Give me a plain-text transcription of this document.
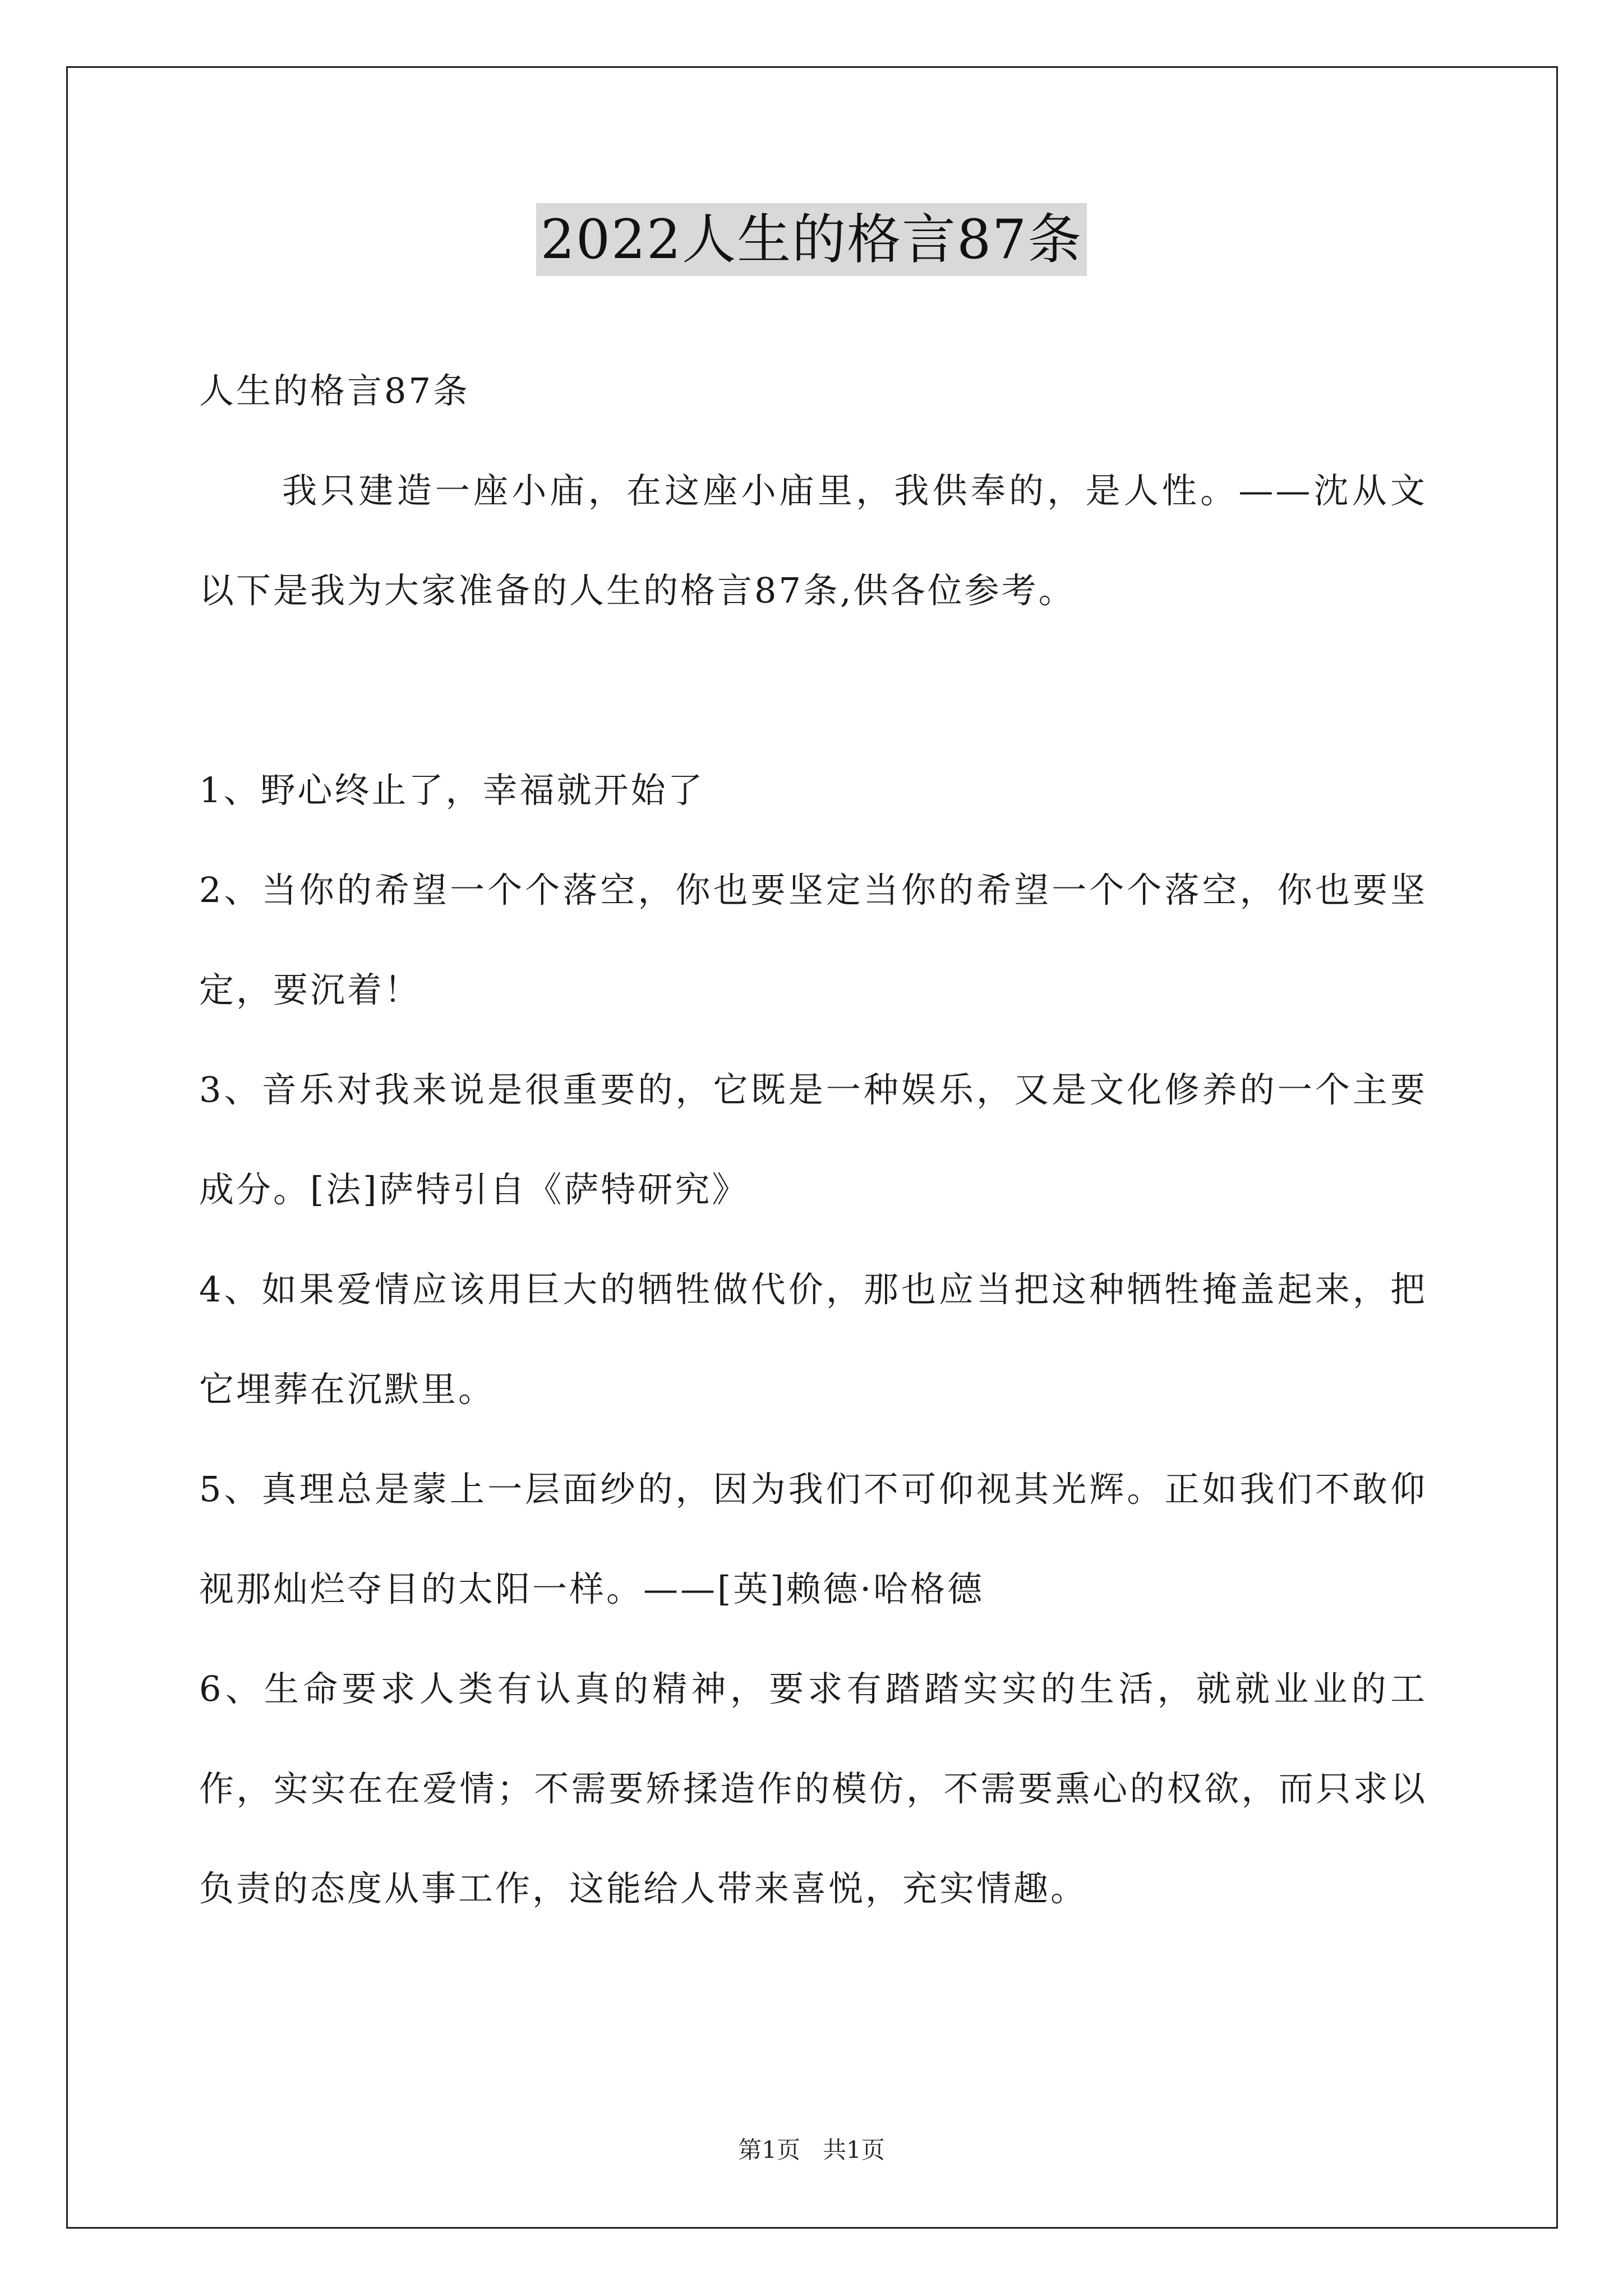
2022人生的格言87条

人生的格言87条

我只建造一座小庙，在这座小庙里，我供奉的，是人性。——沈从文以下是我为大家准备的人生的格言87条,供各位参考。

1、野心终止了，幸福就开始了

2、当你的希望一个个落空，你也要坚定当你的希望一个个落空，你也要坚定，要沉着！

3、音乐对我来说是很重要的，它既是一种娱乐，又是文化修养的一个主要成分。[法]萨特引自《萨特研究》

4、如果爱情应该用巨大的牺牲做代价，那也应当把这种牺牲掩盖起来，把它埋葬在沉默里。

5、真理总是蒙上一层面纱的，因为我们不可仰视其光辉。正如我们不敢仰视那灿烂夺目的太阳一样。——[英]赖德·哈格德

6、生命要求人类有认真的精神，要求有踏踏实实的生活，就就业业的工作，实实在在爱情；不需要矫揉造作的模仿，不需要熏心的权欲，而只求以负责的态度从事工作，这能给人带来喜悦，充实情趣。

第1页   共1页
